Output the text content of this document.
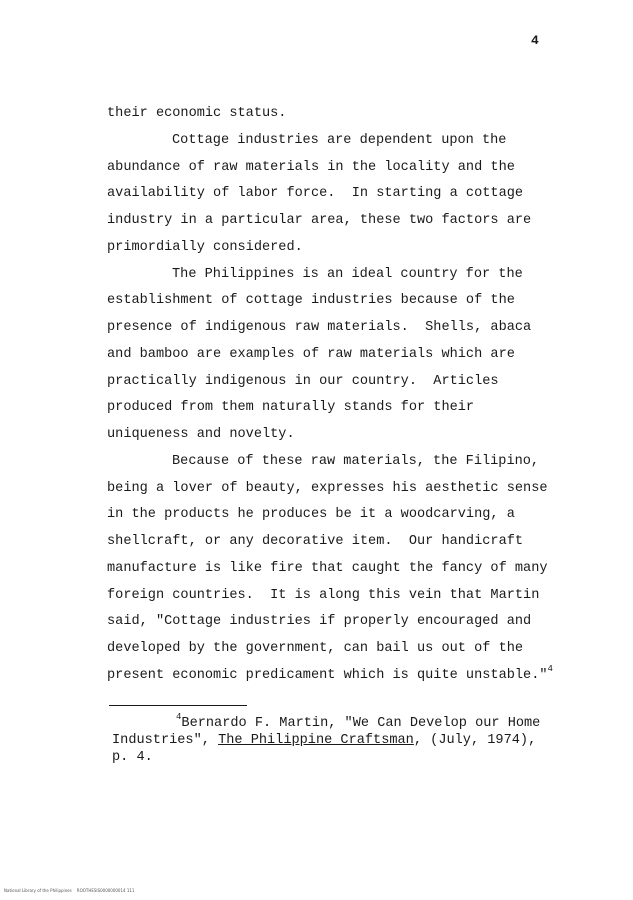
4
their economic status.
Cottage industries are dependent upon the
abundance of raw materials in the locality and the
availability of labor force.  In starting a cottage
industry in a particular area, these two factors are
primordially considered.
The Philippines is an ideal country for the
establishment of cottage industries because of the
presence of indigenous raw materials.  Shells, abaca
and bamboo are examples of raw materials which are
practically indigenous in our country.  Articles
produced from them naturally stands for their
uniqueness and novelty.
Because of these raw materials, the Filipino,
being a lover of beauty, expresses his aesthetic sense
in the products he produces be it a woodcarving, a
shellcraft, or any decorative item.  Our handicraft
manufacture is like fire that caught the fancy of many
foreign countries.  It is along this vein that Martin
said, "Cottage industries if properly encouraged and
developed by the government, can bail us out of the
present economic predicament which is quite unstable."$^4$
$^4$Bernardo F. Martin, "We Can Develop our Home
Industries", The Philippine Craftsman, (July, 1974),
p. 4.
National Library of the Philippines    ROOTHESIS0000000014 111
